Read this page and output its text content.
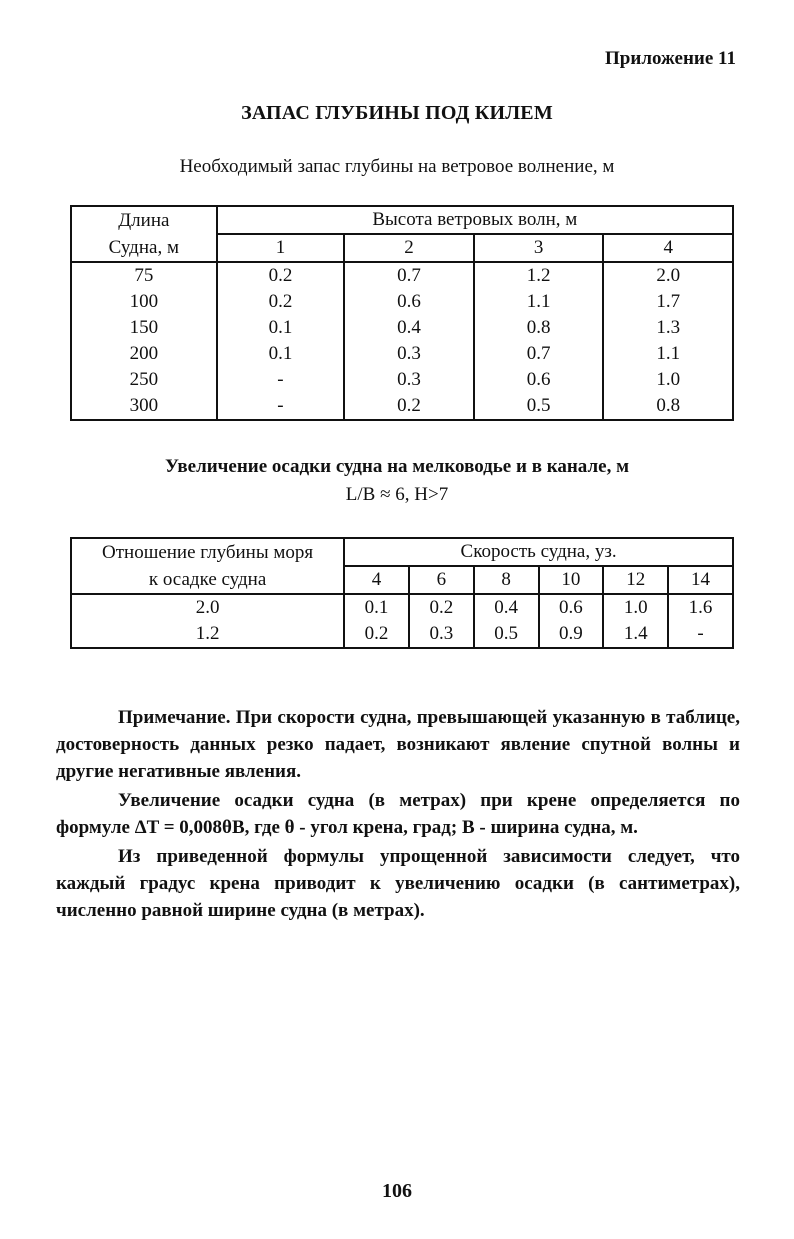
Приложение 11
ЗАПАС ГЛУБИНЫ ПОД КИЛЕМ
Необходимый запас глубины на ветровое волнение, м
Длина	Высота ветровых волн, м			
Судна, м	1	2	3	4
75	0.2	0.7	1.2	2.0
100	0.2	0.6	1.1	1.7
150	0.1	0.4	0.8	1.3
200	0.1	0.3	0.7	1.1
250	-	0.3	0.6	1.0
300	-	0.2	0.5	0.8
Увеличение осадки судна на мелководье и в канале, м
L/B ≈ 6, H>7
Отношение глубины моря	Скорость судна, уз.					
к осадке судна	4	6	8	10	12	14
2.0	0.1	0.2	0.4	0.6	1.0	1.6
1.2	0.2	0.3	0.5	0.9	1.4	-

Примечание. При скорости судна, превышающей указанную в таблице, достоверность данных резко падает, возникают явление спутной волны и другие негативные явления.

Увеличение осадки судна (в метрах) при крене определяется по формуле ΔT = 0,008θB, где θ - угол крена, град; В - ширина судна, м.

Из приведенной формулы упрощенной зависимости следует, что каждый градус крена приводит к увеличению осадки (в сантиметрах), численно равной ширине судна (в метрах).

106
